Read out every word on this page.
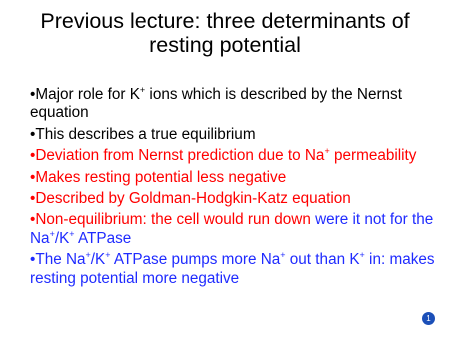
Previous lecture: three determinants of
resting potential
•Major role for K+ ions which is described by the Nernst equation
•This describes a true equilibrium
•Deviation from Nernst prediction due to Na+ permeability
•Makes resting potential less negative
•Described by Goldman-Hodgkin-Katz equation
•Non-equilibrium: the cell would run down were it not for the Na+/K+ ATPase
•The Na+/K+ ATPase pumps more Na+ out than K+ in: makes resting potential more negative
1
